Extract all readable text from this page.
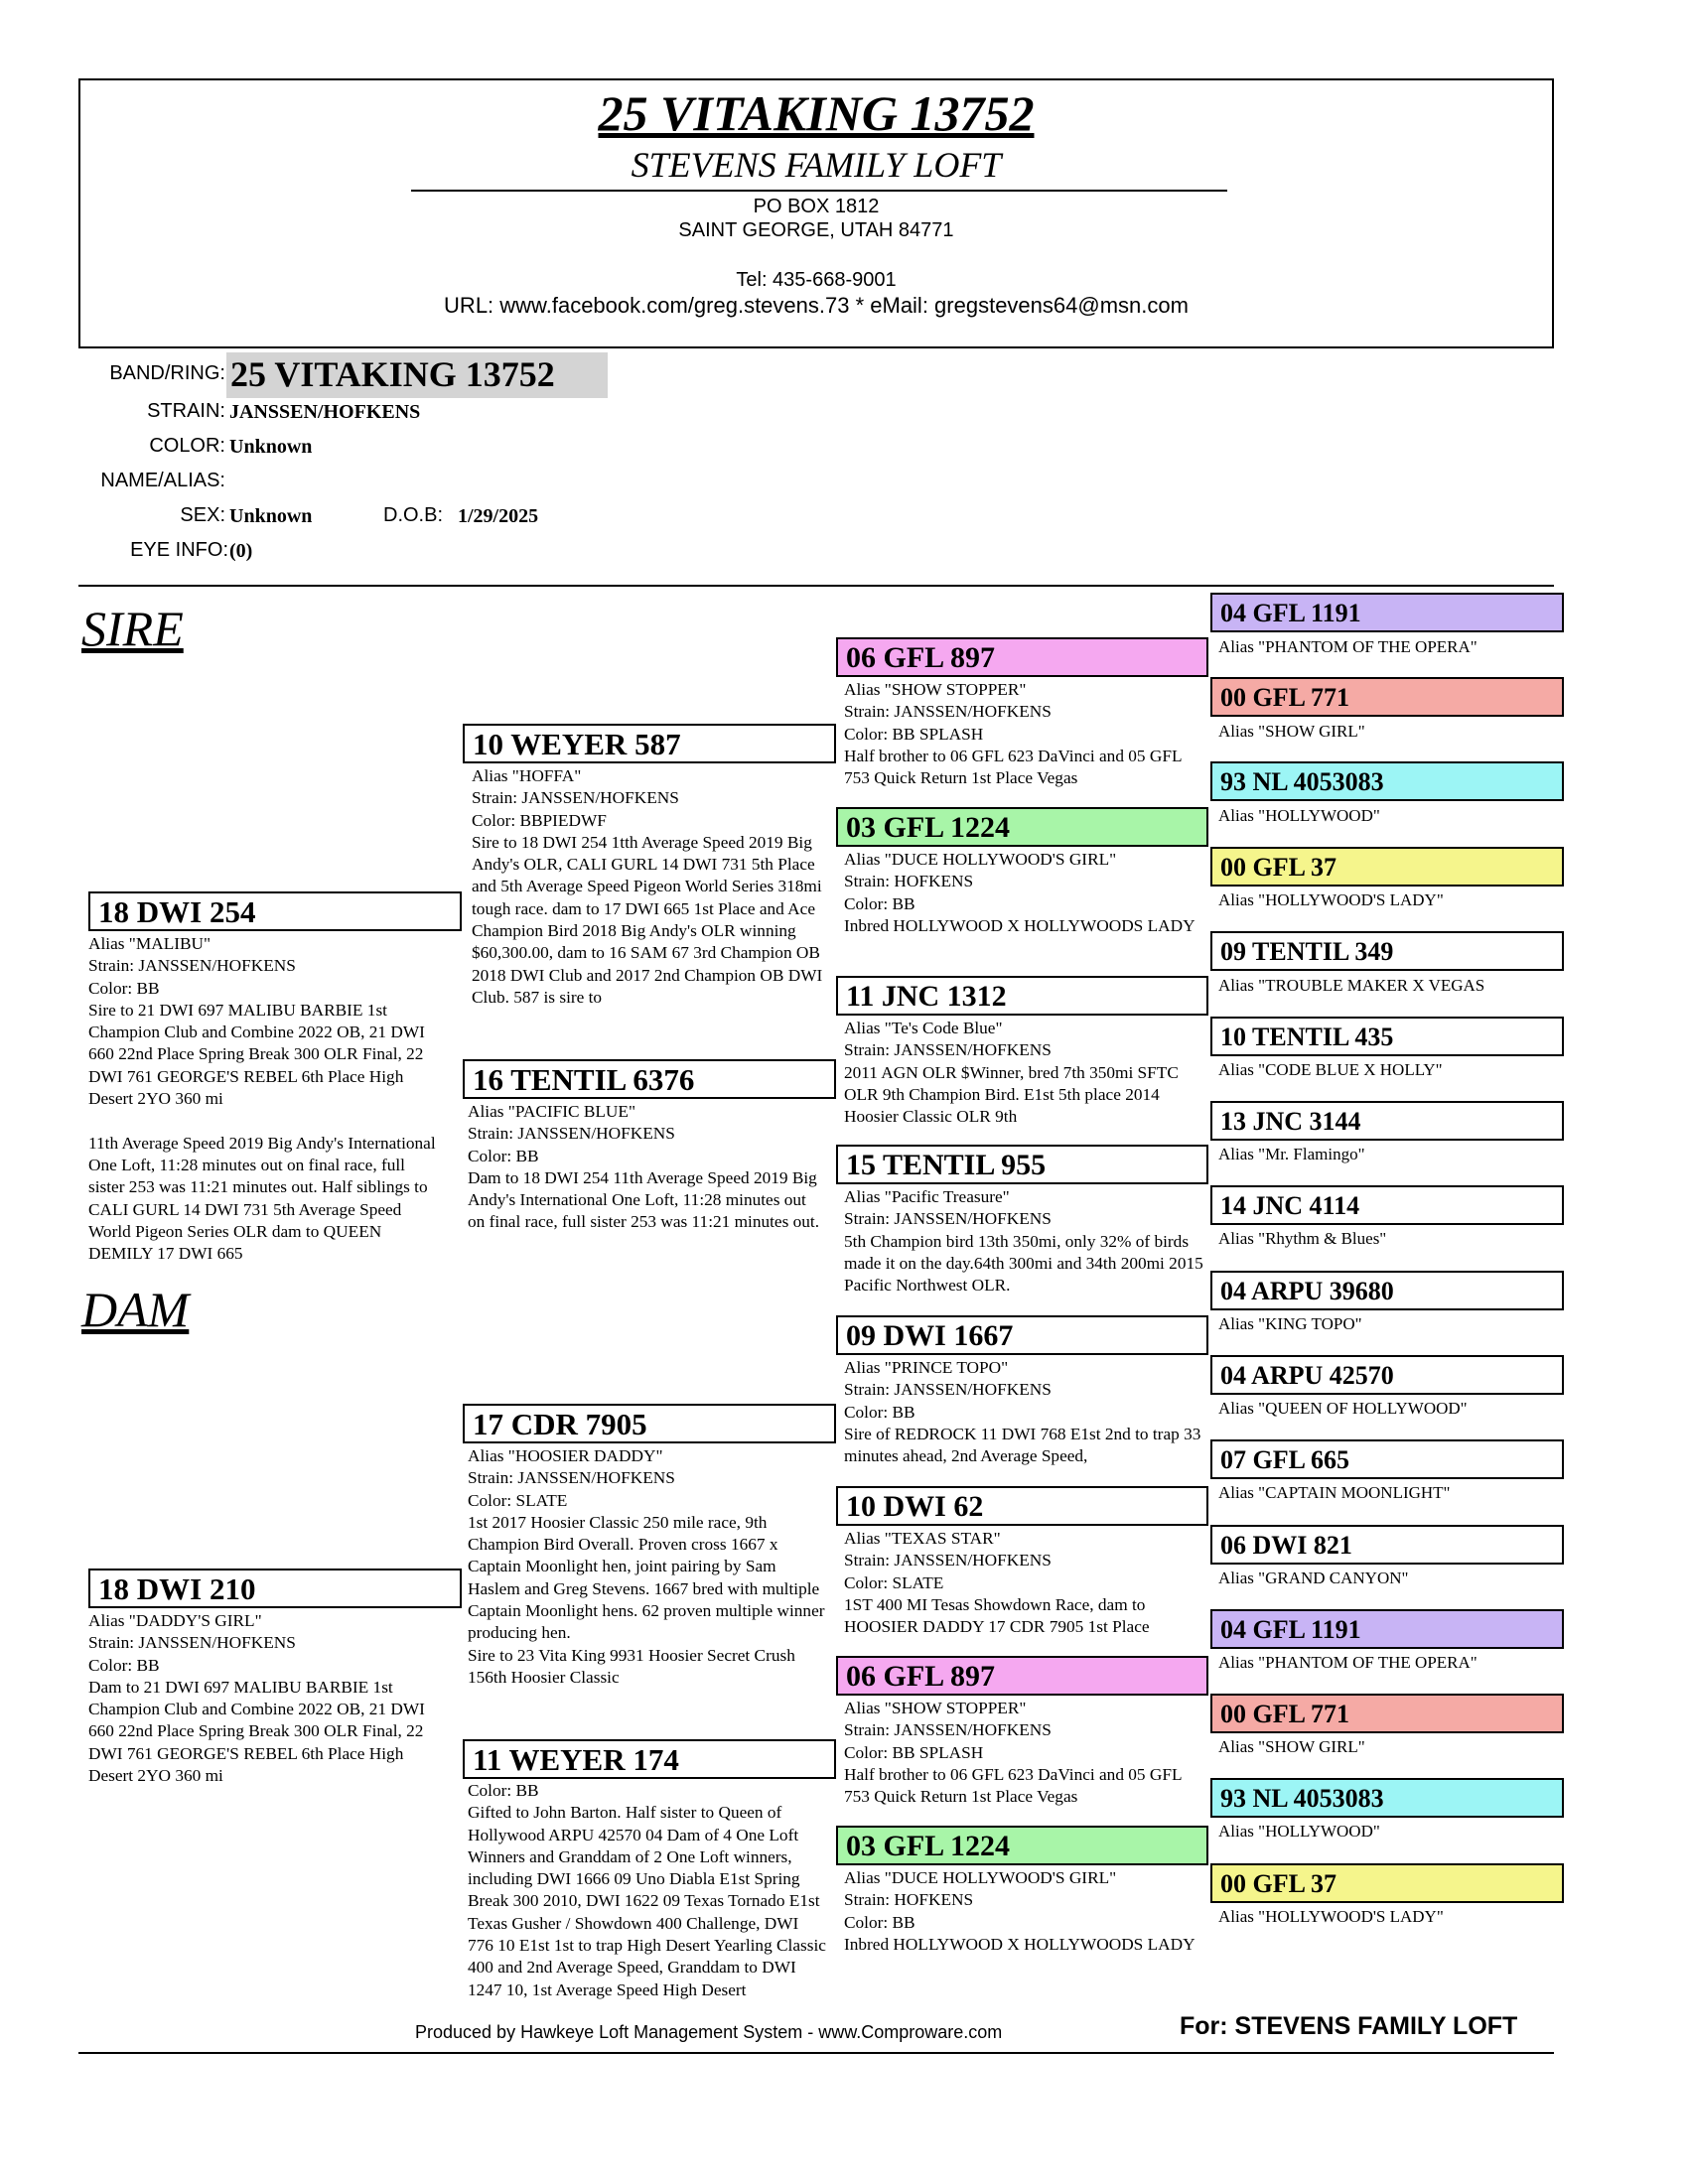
25 VITAKING 13752
STEVENS FAMILY LOFT
PO BOX 1812
SAINT GEORGE, UTAH 84771
Tel: 435-668-9001
URL: www.facebook.com/greg.stevens.73 * eMail: gregstevens64@msn.com
BAND/RING: 25 VITAKING 13752
STRAIN: JANSSEN/HOFKENS
COLOR: Unknown
NAME/ALIAS:
SEX: Unknown	D.O.B: 1/29/2025
EYE INFO: (0)
SIRE
DAM
18 DWI 254
Alias "MALIBU"
Strain: JANSSEN/HOFKENS
Color: BB
Sire to 21 DWI 697 MALIBU BARBIE 1st Champion Club and Combine 2022 OB, 21 DWI 660 22nd Place Spring Break 300 OLR Final, 22 DWI 761 GEORGE'S REBEL 6th Place High Desert 2YO 360 mi

11th Average Speed 2019 Big Andy's International One Loft, 11:28 minutes out on final race, full sister 253 was 11:21 minutes out. Half siblings to CALI GURL 14 DWI 731 5th Average Speed World Pigeon Series OLR dam to QUEEN DEMILY 17 DWI 665
18 DWI 210
Alias "DADDY'S GIRL"
Strain: JANSSEN/HOFKENS
Color: BB
Dam to 21 DWI 697 MALIBU BARBIE 1st Champion Club and Combine 2022 OB, 21 DWI 660 22nd Place Spring Break 300 OLR Final, 22 DWI 761 GEORGE'S REBEL 6th Place High Desert 2YO 360 mi
10 WEYER 587
Alias "HOFFA"
Strain: JANSSEN/HOFKENS
Color: BBPIEDWF
Sire to 18 DWI 254 1tth Average Speed 2019 Big Andy's OLR, CALI GURL 14 DWI 731 5th Place and 5th Average Speed Pigeon World Series 318mi tough race. dam to 17 DWI 665 1st Place and Ace Champion Bird 2018 Big Andy's OLR winning $60,300.00, dam to 16 SAM 67 3rd Champion OB 2018 DWI Club and 2017 2nd Champion OB DWI Club. 587 is sire to
16 TENTIL 6376
Alias "PACIFIC BLUE"
Strain: JANSSEN/HOFKENS
Color: BB
Dam to 18 DWI 254 11th Average Speed 2019 Big Andy's International One Loft, 11:28 minutes out on final race, full sister 253 was 11:21 minutes out.
17 CDR 7905
Alias "HOOSIER DADDY"
Strain: JANSSEN/HOFKENS
Color: SLATE
1st 2017 Hoosier Classic 250 mile race, 9th Champion Bird Overall. Proven cross 1667 x Captain Moonlight hen, joint pairing by Sam Haslem and Greg Stevens. 1667 bred with multiple Captain Moonlight hens. 62 proven multiple winner producing hen.
Sire to 23 Vita King 9931 Hoosier Secret Crush 156th Hoosier Classic
11 WEYER 174
Color: BB
Gifted to John Barton. Half sister to Queen of Hollywood ARPU 42570 04 Dam of 4 One Loft Winners and Granddam of 2 One Loft winners, including DWI 1666 09 Uno Diabla E1st Spring Break 300 2010, DWI 1622 09 Texas Tornado E1st Texas Gusher / Showdown 400 Challenge, DWI 776 10 E1st 1st to trap High Desert Yearling Classic 400 and 2nd Average Speed, Granddam to DWI 1247 10, 1st Average Speed High Desert
06 GFL 897
Alias "SHOW STOPPER"
Strain: JANSSEN/HOFKENS
Color: BB SPLASH
Half brother to 06 GFL 623 DaVinci and 05 GFL 753 Quick Return 1st Place Vegas
03 GFL 1224
Alias "DUCE HOLLYWOOD'S GIRL"
Strain: HOFKENS
Color: BB
Inbred HOLLYWOOD X HOLLYWOODS LADY
11 JNC 1312
Alias "Te's Code Blue"
Strain: JANSSEN/HOFKENS
2011 AGN OLR $Winner, bred 7th 350mi SFTC OLR 9th Champion Bird. E1st 5th place 2014 Hoosier Classic OLR 9th
15 TENTIL 955
Alias "Pacific Treasure"
Strain: JANSSEN/HOFKENS
5th Champion bird 13th 350mi, only 32% of birds made it on the day.64th 300mi and 34th 200mi 2015 Pacific Northwest OLR.
09 DWI 1667
Alias "PRINCE TOPO"
Strain: JANSSEN/HOFKENS
Color: BB
Sire of REDROCK 11 DWI 768 E1st 2nd to trap 33 minutes ahead, 2nd Average Speed,
10 DWI 62
Alias "TEXAS STAR"
Strain: JANSSEN/HOFKENS
Color: SLATE
1ST 400 MI Tesas Showdown Race, dam to HOOSIER DADDY 17 CDR 7905 1st Place
06 GFL 897
Alias "SHOW STOPPER"
Strain: JANSSEN/HOFKENS
Color: BB SPLASH
Half brother to 06 GFL 623 DaVinci and 05 GFL 753 Quick Return 1st Place Vegas
03 GFL 1224
Alias "DUCE HOLLYWOOD'S GIRL"
Strain: HOFKENS
Color: BB
Inbred HOLLYWOOD X HOLLYWOODS LADY
04 GFL 1191
Alias "PHANTOM OF THE OPERA"
00 GFL 771
Alias "SHOW GIRL"
93 NL 4053083
Alias "HOLLYWOOD"
00 GFL 37
Alias "HOLLYWOOD'S LADY"
09 TENTIL 349
Alias "TROUBLE MAKER X VEGAS
10 TENTIL 435
Alias "CODE BLUE X HOLLY"
13 JNC 3144
Alias "Mr. Flamingo"
14 JNC 4114
Alias "Rhythm & Blues"
04 ARPU 39680
Alias "KING TOPO"
04 ARPU 42570
Alias "QUEEN OF HOLLYWOOD"
07 GFL 665
Alias "CAPTAIN MOONLIGHT"
06 DWI 821
Alias "GRAND CANYON"
04 GFL 1191
Alias "PHANTOM OF THE OPERA"
00 GFL 771
Alias "SHOW GIRL"
93 NL 4053083
Alias "HOLLYWOOD"
00 GFL 37
Alias "HOLLYWOOD'S LADY"
Produced by Hawkeye Loft Management System - www.Comproware.com	For: STEVENS FAMILY LOFT
